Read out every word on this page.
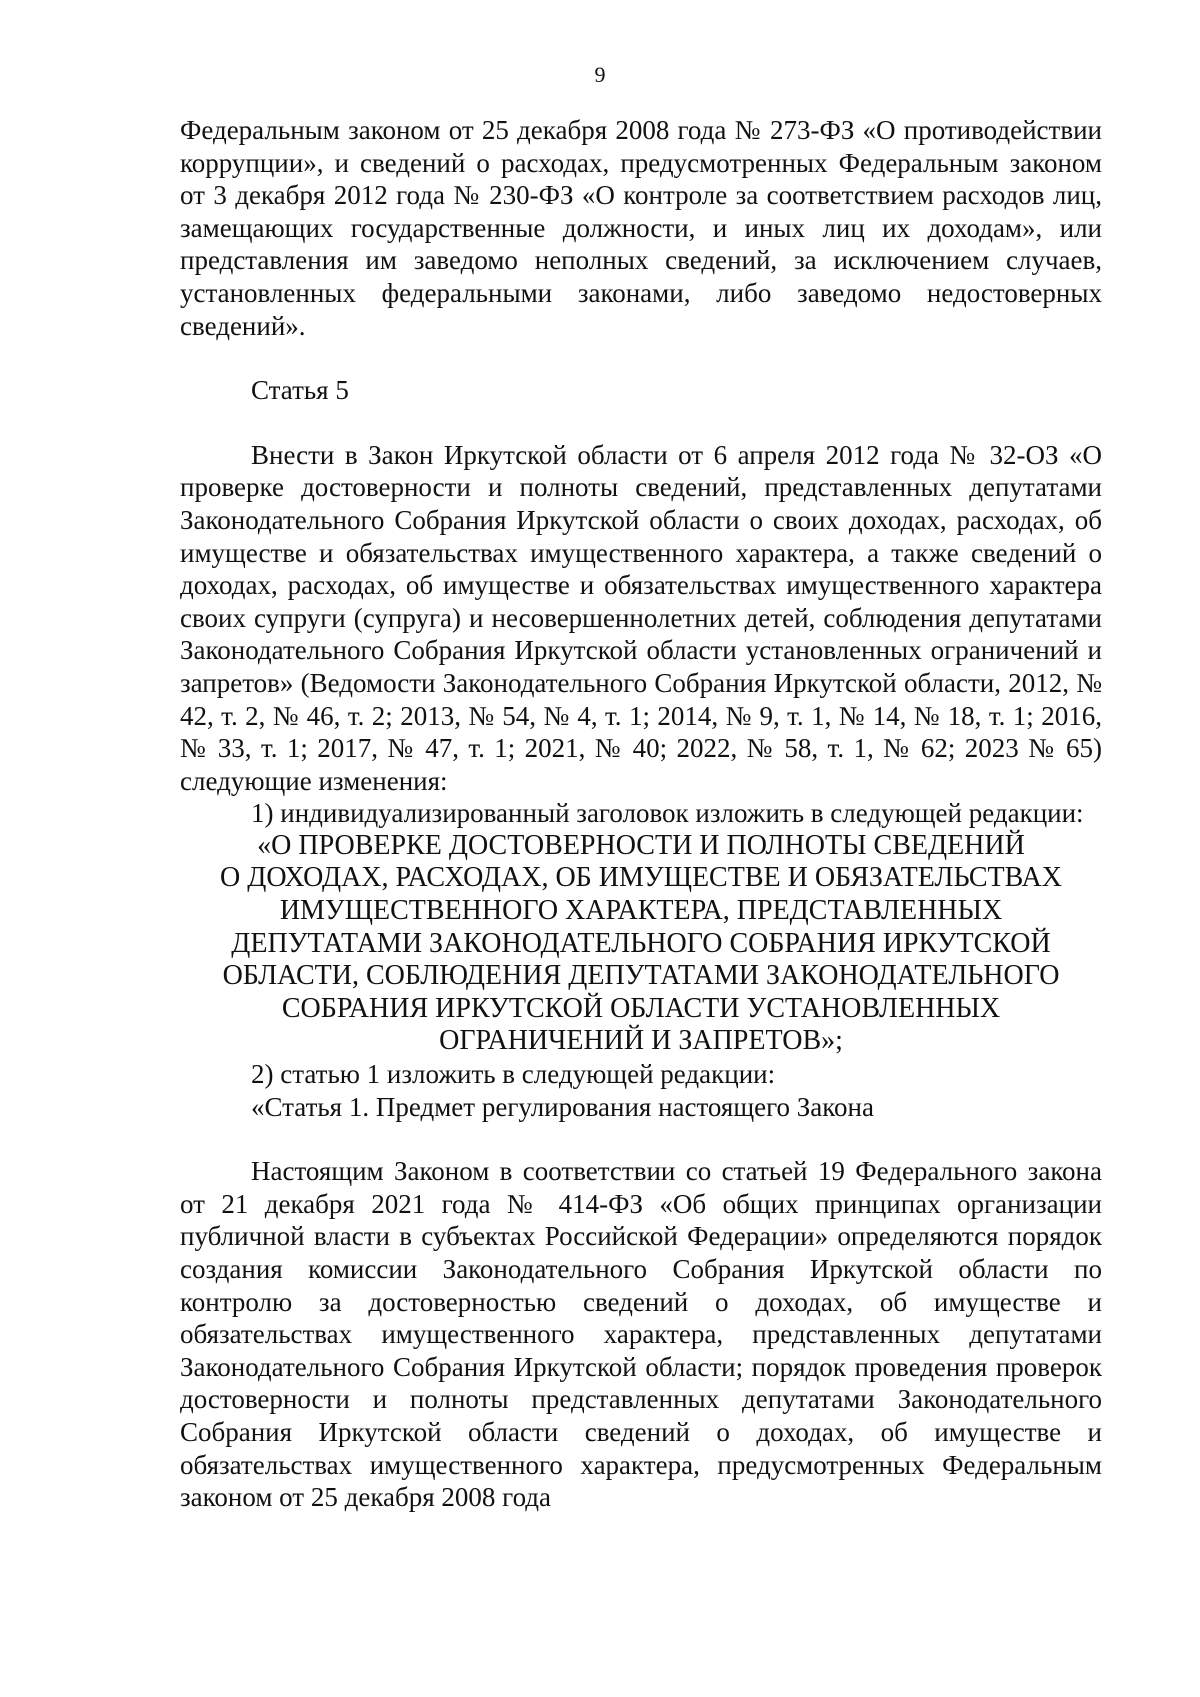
9

Федеральным законом от 25 декабря 2008 года № 273-ФЗ «О противодействии коррупции», и сведений о расходах, предусмотренных Федеральным законом от 3 декабря 2012 года № 230-ФЗ «О контроле за соответствием расходов лиц, замещающих государственные должности, и иных лиц их доходам», или представления им заведомо неполных сведений, за исключением случаев, установленных федеральными законами, либо заведомо недостоверных сведений».

Статья 5

Внести в Закон Иркутской области от 6 апреля 2012 года № 32-ОЗ «О проверке достоверности и полноты сведений, представленных депутатами Законодательного Собрания Иркутской области о своих доходах, расходах, об имуществе и обязательствах имущественного характера, а также сведений о доходах, расходах, об имуществе и обязательствах имущественного характера своих супруги (супруга) и несовершеннолетних детей, соблюдения депутатами Законодательного Собрания Иркутской области установленных ограничений и запретов» (Ведомости Законодательного Собрания Иркутской области, 2012, № 42, т. 2, № 46, т. 2; 2013, № 54, № 4, т. 1; 2014, № 9, т. 1, № 14, № 18, т. 1; 2016, № 33, т. 1; 2017, № 47, т. 1; 2021, № 40; 2022, № 58, т. 1, № 62; 2023 № 65) следующие изменения:

1) индивидуализированный заголовок изложить в следующей редакции:

«О ПРОВЕРКЕ ДОСТОВЕРНОСТИ И ПОЛНОТЫ СВЕДЕНИЙ
О ДОХОДАХ, РАСХОДАХ, ОБ ИМУЩЕСТВЕ И ОБЯЗАТЕЛЬСТВАХ
ИМУЩЕСТВЕННОГО ХАРАКТЕРА, ПРЕДСТАВЛЕННЫХ
ДЕПУТАТАМИ ЗАКОНОДАТЕЛЬНОГО СОБРАНИЯ ИРКУТСКОЙ
ОБЛАСТИ, СОБЛЮДЕНИЯ ДЕПУТАТАМИ ЗАКОНОДАТЕЛЬНОГО
СОБРАНИЯ ИРКУТСКОЙ ОБЛАСТИ УСТАНОВЛЕННЫХ
ОГРАНИЧЕНИЙ И ЗАПРЕТОВ»;

2) статью 1 изложить в следующей редакции:

«Статья 1. Предмет регулирования настоящего Закона

Настоящим Законом в соответствии со статьей 19 Федерального закона от 21 декабря 2021 года № 414-ФЗ «Об общих принципах организации публичной власти в субъектах Российской Федерации» определяются порядок создания комиссии Законодательного Собрания Иркутской области по контролю за достоверностью сведений о доходах, об имуществе и обязательствах имущественного характера, представленных депутатами Законодательного Собрания Иркутской области; порядок проведения проверок достоверности и полноты представленных депутатами Законодательного Собрания Иркутской области сведений о доходах, об имуществе и обязательствах имущественного характера, предусмотренных Федеральным законом от 25 декабря 2008 года
